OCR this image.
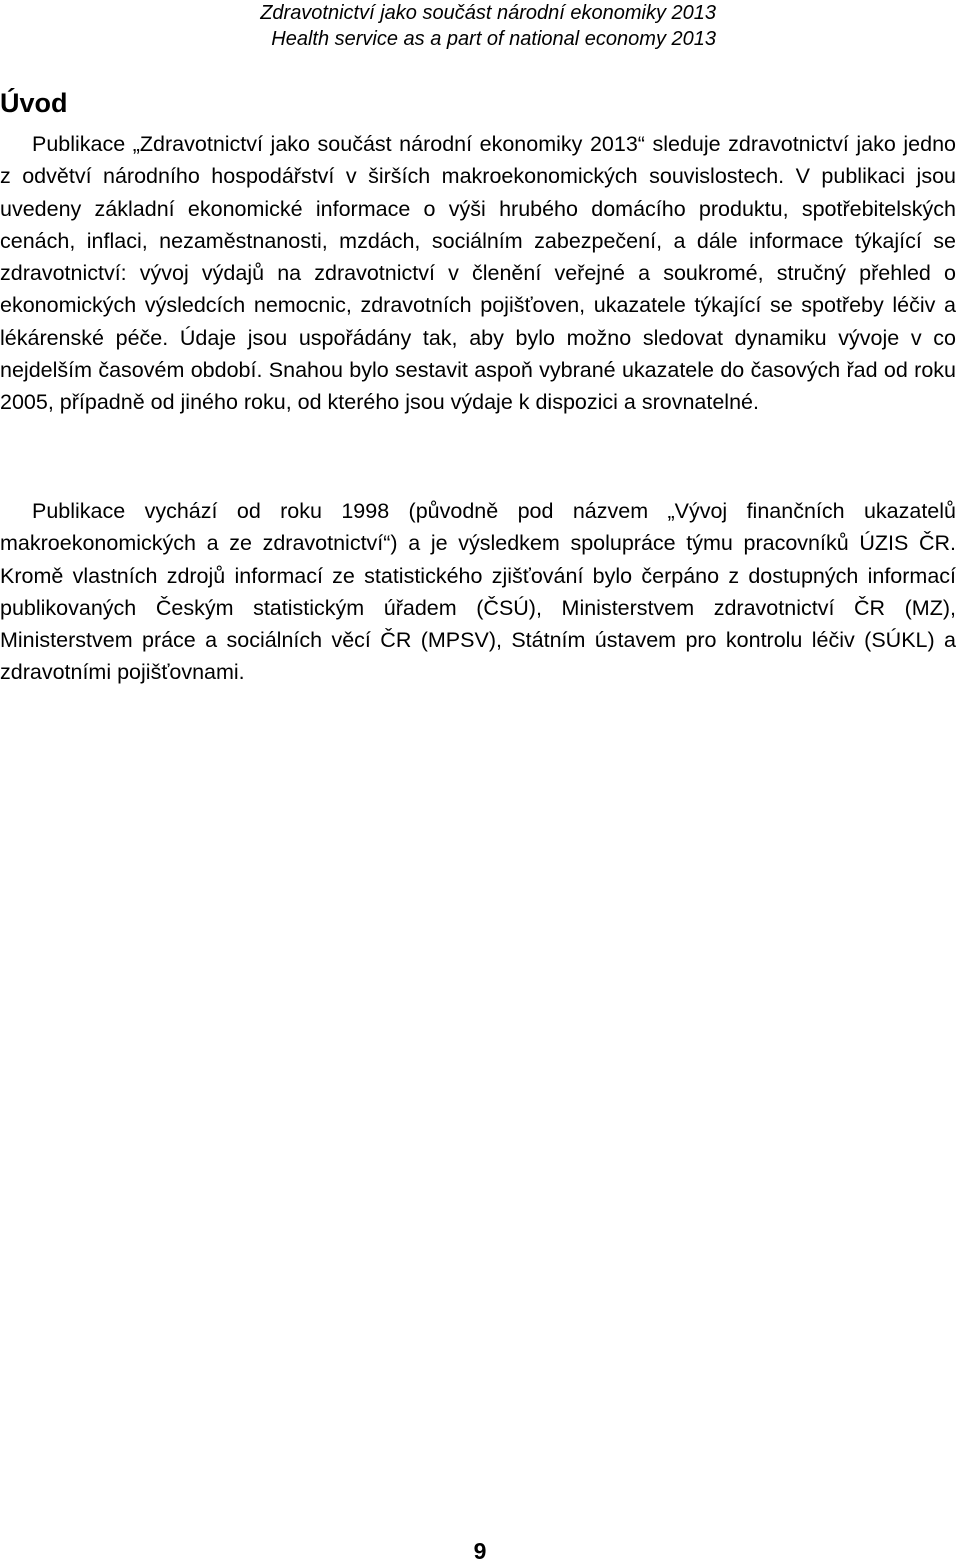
Zdravotnictví jako součást národní ekonomiky 2013
Health service as a part of national economy 2013
Úvod

Publikace „Zdravotnictví jako součást národní ekonomiky 2013“ sleduje zdravotnictví jako jedno z odvětví národního hospodářství v širších makroekonomických souvislostech. V publikaci jsou uvedeny základní ekonomické informace o výši hrubého domácího produktu, spotřebitelských cenách, inflaci, nezaměstnanosti, mzdách, sociálním zabezpečení, a dále informace týkající se zdravotnictví: vývoj výdajů na zdravotnictví v členění veřejné a soukromé, stručný přehled o ekonomických výsledcích nemocnic, zdravotních pojišťoven, ukazatele týkající se spotřeby léčiv a lékárenské péče. Údaje jsou uspořádány tak, aby bylo možno sledovat dynamiku vývoje v co nejdelším časovém období. Snahou bylo sestavit aspoň vybrané ukazatele do časových řad od roku 2005, případně od jiného roku, od kterého jsou výdaje k dispozici a srovnatelné.

Publikace vychází od roku 1998 (původně pod názvem „Vývoj finančních ukazatelů makroekonomických a ze zdravotnictví“) a je výsledkem spolupráce týmu pracovníků ÚZIS ČR. Kromě vlastních zdrojů informací ze statistického zjišťování bylo čerpáno z dostupných informací publikovaných Českým statistickým úřadem (ČSÚ), Ministerstvem zdravotnictví ČR (MZ), Ministerstvem práce a sociálních věcí ČR (MPSV), Státním ústavem pro kontrolu léčiv (SÚKL) a zdravotními pojišťovnami.

9
